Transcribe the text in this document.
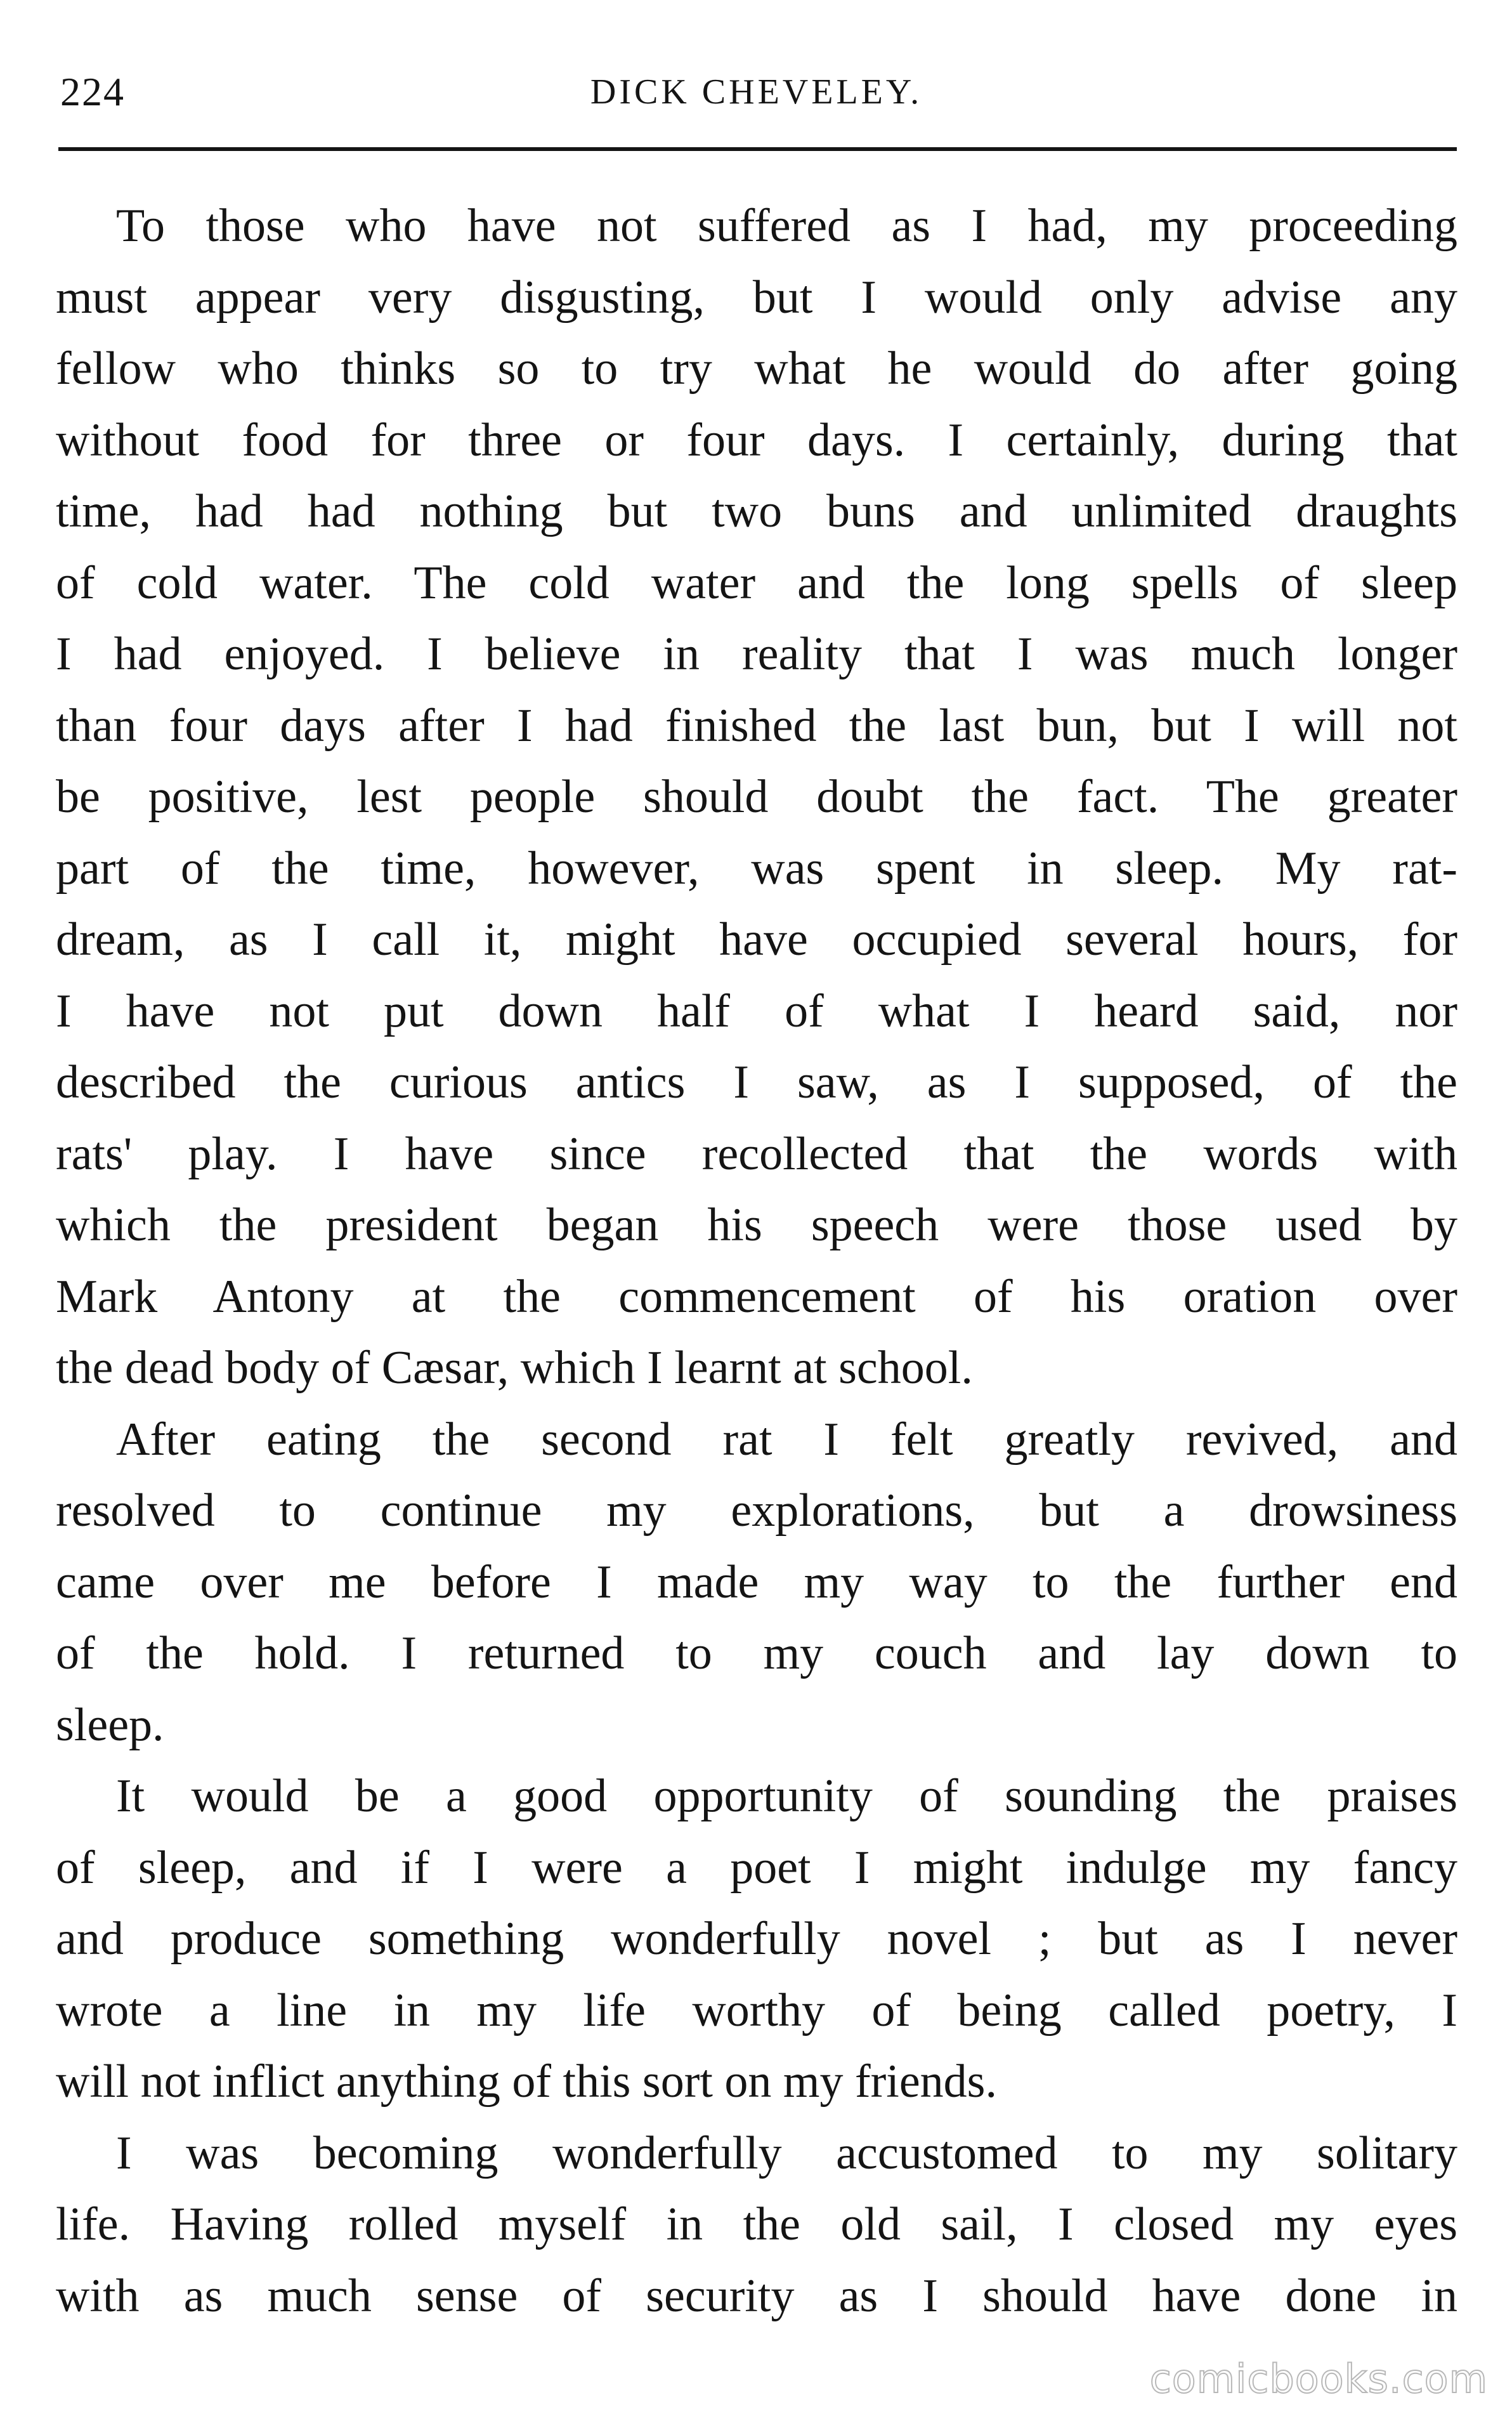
224	DICK CHEVELEY.
To those who have not suffered as I had, my proceeding
must appear very disgusting, but I would only advise any
fellow who thinks so to try what he would do after going
without food for three or four days. I certainly, during that
time, had had nothing but two buns and unlimited draughts
of cold water. The cold water and the long spells of sleep
I had enjoyed. I believe in reality that I was much longer
than four days after I had finished the last bun, but I will not
be positive, lest people should doubt the fact. The greater
part of the time, however, was spent in sleep. My rat-
dream, as I call it, might have occupied several hours, for
I have not put down half of what I heard said, nor
described the curious antics I saw, as I supposed, of the
rats' play. I have since recollected that the words with
which the president began his speech were those used by
Mark Antony at the commencement of his oration over
the dead body of Cæsar, which I learnt at school.
After eating the second rat I felt greatly revived, and
resolved to continue my explorations, but a drowsiness
came over me before I made my way to the further end
of the hold. I returned to my couch and lay down to
sleep.
It would be a good opportunity of sounding the praises
of sleep, and if I were a poet I might indulge my fancy
and produce something wonderfully novel ; but as I never
wrote a line in my life worthy of being called poetry, I
will not inflict anything of this sort on my friends.
I was becoming wonderfully accustomed to my solitary
life. Having rolled myself in the old sail, I closed my eyes
with as much sense of security as I should have done in
comicbooks.com
